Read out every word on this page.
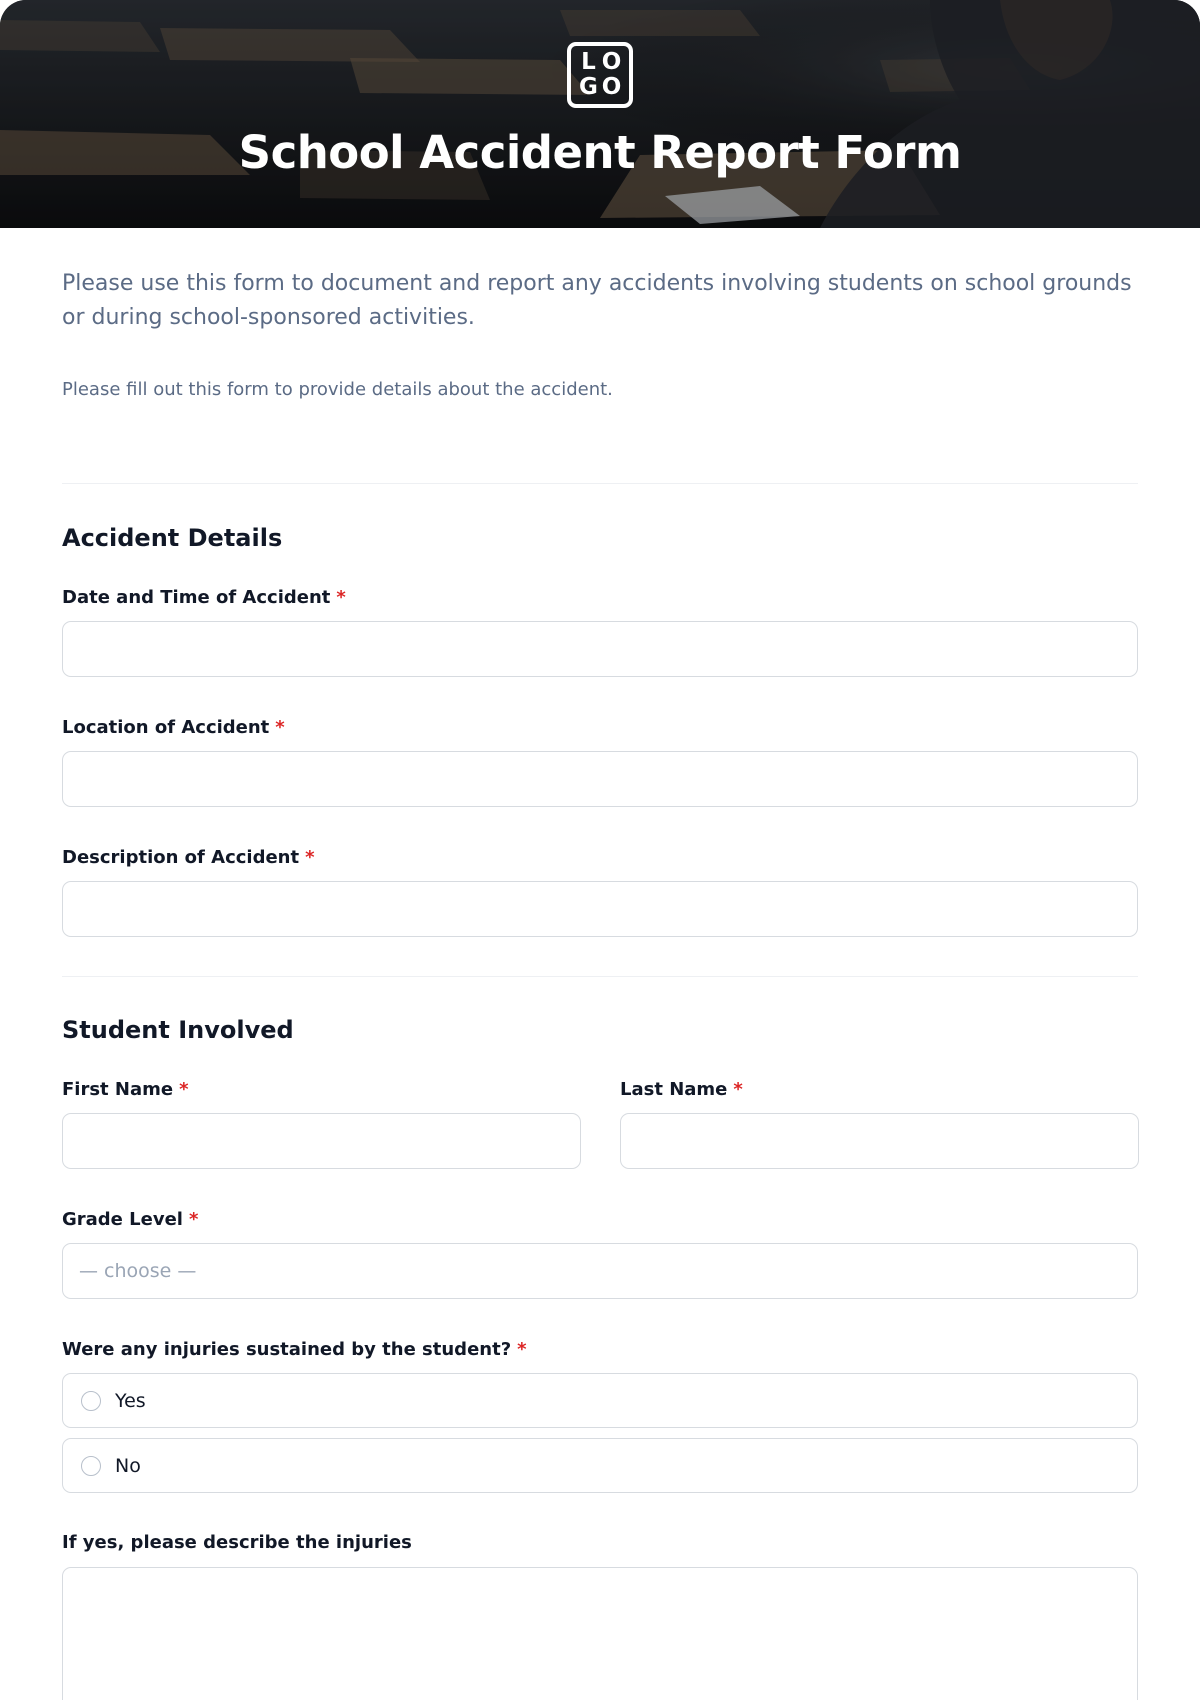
L O
G O
School Accident Report Form

Please use this form to document and report any accidents involving students on school grounds or during school-sponsored activities.

Please fill out this form to provide details about the accident.

Accident Details
Date and Time of Accident *
Location of Accident *
Description of Accident *
Student Involved
First Name *	Last Name *
Grade Level *
— choose —
Were any injuries sustained by the student? *
Yes
No
If yes, please describe the injuries
